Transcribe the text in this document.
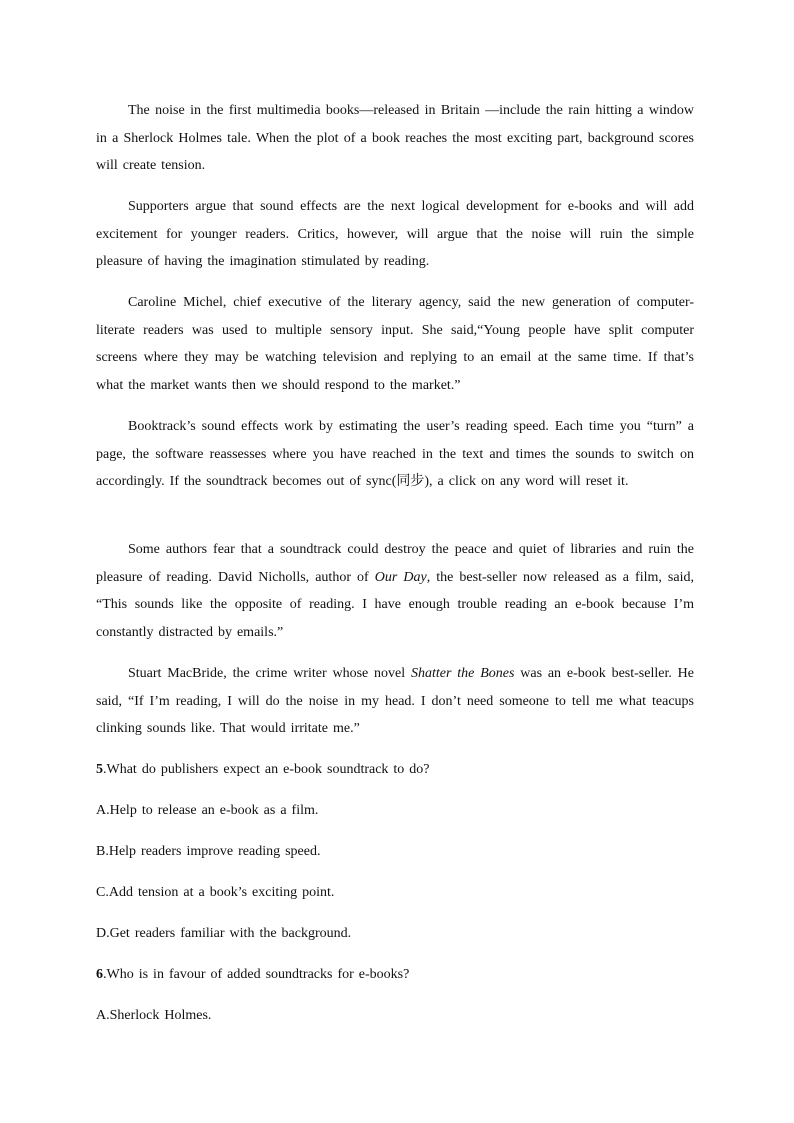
The noise in the first multimedia books—released in Britain —include the rain hitting a window in a Sherlock Holmes tale. When the plot of a book reaches the most exciting part, background scores will create tension.

Supporters argue that sound effects are the next logical development for e-books and will add excitement for younger readers. Critics, however, will argue that the noise will ruin the simple pleasure of having the imagination stimulated by reading.

Caroline Michel, chief executive of the literary agency, said the new generation of computer-literate readers was used to multiple sensory input. She said,“Young people have split computer screens where they may be watching television and replying to an email at the same time. If that’s what the market wants then we should respond to the market.”

Booktrack’s sound effects work by estimating the user’s reading speed. Each time you “turn” a page, the software reassesses where you have reached in the text and times the sounds to switch on accordingly. If the soundtrack becomes out of sync(同步), a click on any word will reset it.

Some authors fear that a soundtrack could destroy the peace and quiet of libraries and ruin the pleasure of reading. David Nicholls, author of Our Day, the best-seller now released as a film, said, “This sounds like the opposite of reading. I have enough trouble reading an e-book because I’m constantly distracted by emails.”

Stuart MacBride, the crime writer whose novel Shatter the Bones was an e-book best-seller. He said, “If I’m reading, I will do the noise in my head. I don’t need someone to tell me what teacups clinking sounds like. That would irritate me.”

5.What do publishers expect an e-book soundtrack to do?

A.Help to release an e-book as a film.

B.Help readers improve reading speed.

C.Add tension at a book’s exciting point.

D.Get readers familiar with the background.

6.Who is in favour of added soundtracks for e-books?

A.Sherlock Holmes.
